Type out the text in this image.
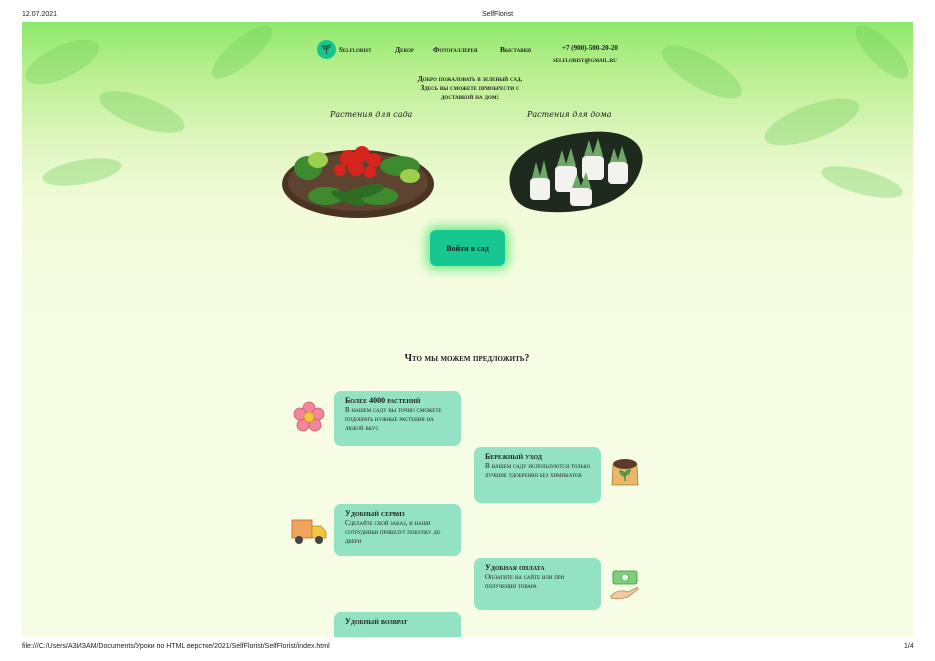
12.07.2021	SelfFlorist
Selflorist	Декор	Фотогаллерея	Выставки	+7 (900)-500-20-20
selflorist@gmail.ru
Добро пожаловать в зеленый сад. Здесь вы сможете приобрести с доставкой на дом:
Растения для сада	Растения для дома
Войти в сад
Что мы можем предложить?
Более 4000 растений
В нашем саду вы точно сможете подобрать нужные растения на любой вкус
Бережный уход
В нашем саду используются только лучшие удобрения без химикатов
Удобный сервиз
Сделайте свой заказ, и наши сотрудники привезут покупку до двери
Удобная оплата
Оплатите на сайте или при получении товара
Удобный возврат
file:///C:/Users/АЗИЗАМ/Documents/Уроки по HTML верстке/2021/SelfFlorist/SelfFlorist/index.html	1/4
